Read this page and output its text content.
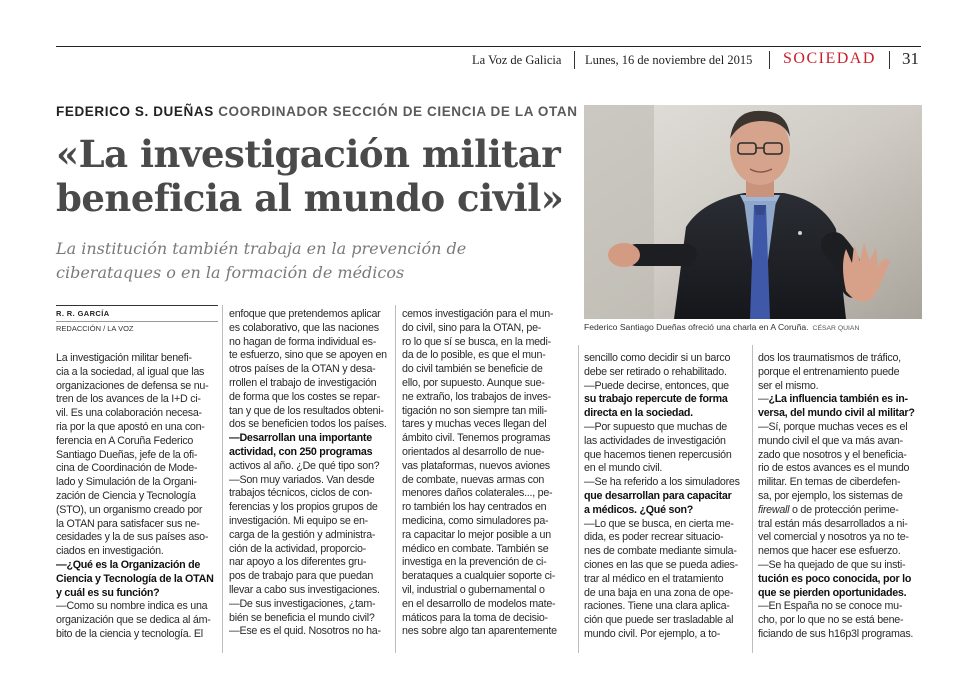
La Voz de Galicia Lunes, 16 de noviembre del 2015 SOCIEDAD 31
FEDERICO S. DUEÑAS COORDINADOR SECCIÓN DE CIENCIA DE LA OTAN
«La investigación militar
beneficia al mundo civil»
La institución también trabaja en la prevención de
ciberataques o en la formación de médicos
Federico Santiago Dueñas ofreció una charla en A Coruña. CÉSAR QUIAN
R. R. GARCÍA
REDACCIÓN / LA VOZ
La investigación militar benefi-
cia a la sociedad, al igual que las
organizaciones de defensa se nu-
tren de los avances de la I+D ci-
vil. Es una colaboración necesa-
ria por la que apostó en una con-
ferencia en A Coruña Federico
Santiago Dueñas, jefe de la ofi-
cina de Coordinación de Mode-
lado y Simulación de la Organi-
zación de Ciencia y Tecnología
(STO), un organismo creado por
la OTAN para satisfacer sus ne-
cesidades y la de sus países aso-
ciados en investigación.
—¿Qué es la Organización de
Ciencia y Tecnología de la OTAN
y cuál es su función?
—Como su nombre indica es una
organización que se dedica al ám-
bito de la ciencia y tecnología. El
enfoque que pretendemos aplicar
es colaborativo, que las naciones
no hagan de forma individual es-
te esfuerzo, sino que se apoyen en
otros países de la OTAN y desa-
rrollen el trabajo de investigación
de forma que los costes se repar-
tan y que de los resultados obteni-
dos se beneficien todos los países.
—Desarrollan una importante
actividad, con 250 programas
activos al año. ¿De qué tipo son?
—Son muy variados. Van desde
trabajos técnicos, ciclos de con-
ferencias y los propios grupos de
investigación. Mi equipo se en-
carga de la gestión y administra-
ción de la actividad, proporcio-
nar apoyo a los diferentes gru-
pos de trabajo para que puedan
llevar a cabo sus investigaciones.
—De sus investigaciones, ¿tam-
bién se beneficia el mundo civil?
—Ese es el quid. Nosotros no ha-
cemos investigación para el mun-
do civil, sino para la OTAN, pe-
ro lo que sí se busca, en la medi-
da de lo posible, es que el mun-
do civil también se beneficie de
ello, por supuesto. Aunque sue-
ne extraño, los trabajos de inves-
tigación no son siempre tan mili-
tares y muchas veces llegan del
ámbito civil. Tenemos programas
orientados al desarrollo de nue-
vas plataformas, nuevos aviones
de combate, nuevas armas con
menores daños colaterales..., pe-
ro también los hay centrados en
medicina, como simuladores pa-
ra capacitar lo mejor posible a un
médico en combate. También se
investiga en la prevención de ci-
berataques a cualquier soporte ci-
vil, industrial o gubernamental o
en el desarrollo de modelos mate-
máticos para la toma de decisio-
nes sobre algo tan aparentemente
sencillo como decidir si un barco
debe ser retirado o rehabilitado.
—Puede decirse, entonces, que
su trabajo repercute de forma
directa en la sociedad.
—Por supuesto que muchas de
las actividades de investigación
que hacemos tienen repercusión
en el mundo civil.
—Se ha referido a los simuladores
que desarrollan para capacitar
a médicos. ¿Qué son?
—Lo que se busca, en cierta me-
dida, es poder recrear situacio-
nes de combate mediante simula-
ciones en las que se pueda adies-
trar al médico en el tratamiento
de una baja en una zona de ope-
raciones. Tiene una clara aplica-
ción que puede ser trasladable al
mundo civil. Por ejemplo, a to-
dos los traumatismos de tráfico,
porque el entrenamiento puede
ser el mismo.
—¿La influencia también es in-
versa, del mundo civil al militar?
—Sí, porque muchas veces es el
mundo civil el que va más avan-
zado que nosotros y el beneficia-
rio de estos avances es el mundo
militar. En temas de ciberdefen-
sa, por ejemplo, los sistemas de
firewall o de protección perime-
tral están más desarrollados a ni-
vel comercial y nosotros ya no te-
nemos que hacer ese esfuerzo.
—Se ha quejado de que su insti-
tución es poco conocida, por lo
que se pierden oportunidades.
—En España no se conoce mu-
cho, por lo que no se está bene-
ficiando de sus h16p3l programas.
